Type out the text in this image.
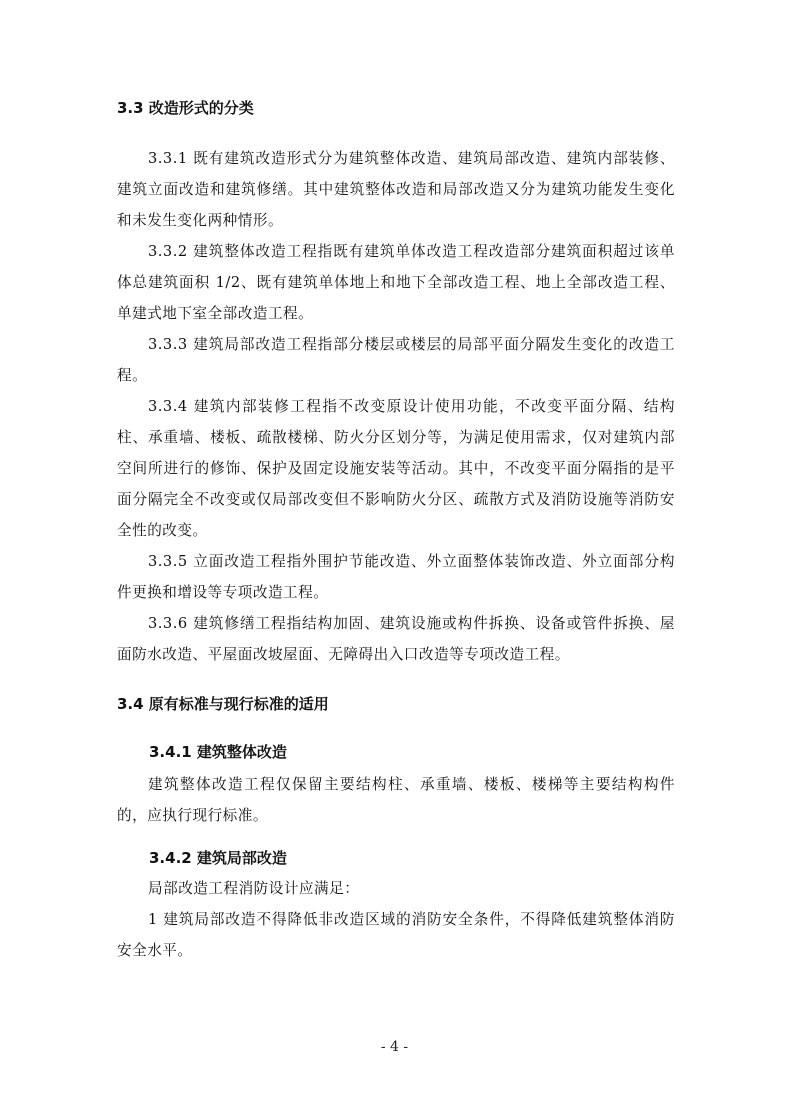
3.3 改造形式的分类

3.3.1 既有建筑改造形式分为建筑整体改造、建筑局部改造、建筑内部装修、建筑立面改造和建筑修缮。其中建筑整体改造和局部改造又分为建筑功能发生变化和未发生变化两种情形。

3.3.2 建筑整体改造工程指既有建筑单体改造工程改造部分建筑面积超过该单体总建筑面积 1/2、既有建筑单体地上和地下全部改造工程、地上全部改造工程、单建式地下室全部改造工程。

3.3.3 建筑局部改造工程指部分楼层或楼层的局部平面分隔发生变化的改造工程。

3.3.4 建筑内部装修工程指不改变原设计使用功能，不改变平面分隔、结构柱、承重墙、楼板、疏散楼梯、防火分区划分等，为满足使用需求，仅对建筑内部空间所进行的修饰、保护及固定设施安装等活动。其中，不改变平面分隔指的是平面分隔完全不改变或仅局部改变但不影响防火分区、疏散方式及消防设施等消防安全性的改变。

3.3.5 立面改造工程指外围护节能改造、外立面整体装饰改造、外立面部分构件更换和增设等专项改造工程。

3.3.6 建筑修缮工程指结构加固、建筑设施或构件拆换、设备或管件拆换、屋面防水改造、平屋面改坡屋面、无障碍出入口改造等专项改造工程。

3.4 原有标准与现行标准的适用
3.4.1 建筑整体改造

建筑整体改造工程仅保留主要结构柱、承重墙、楼板、楼梯等主要结构构件的，应执行现行标准。

3.4.2 建筑局部改造

局部改造工程消防设计应满足：

1 建筑局部改造不得降低非改造区域的消防安全条件，不得降低建筑整体消防安全水平。

- 4 -
